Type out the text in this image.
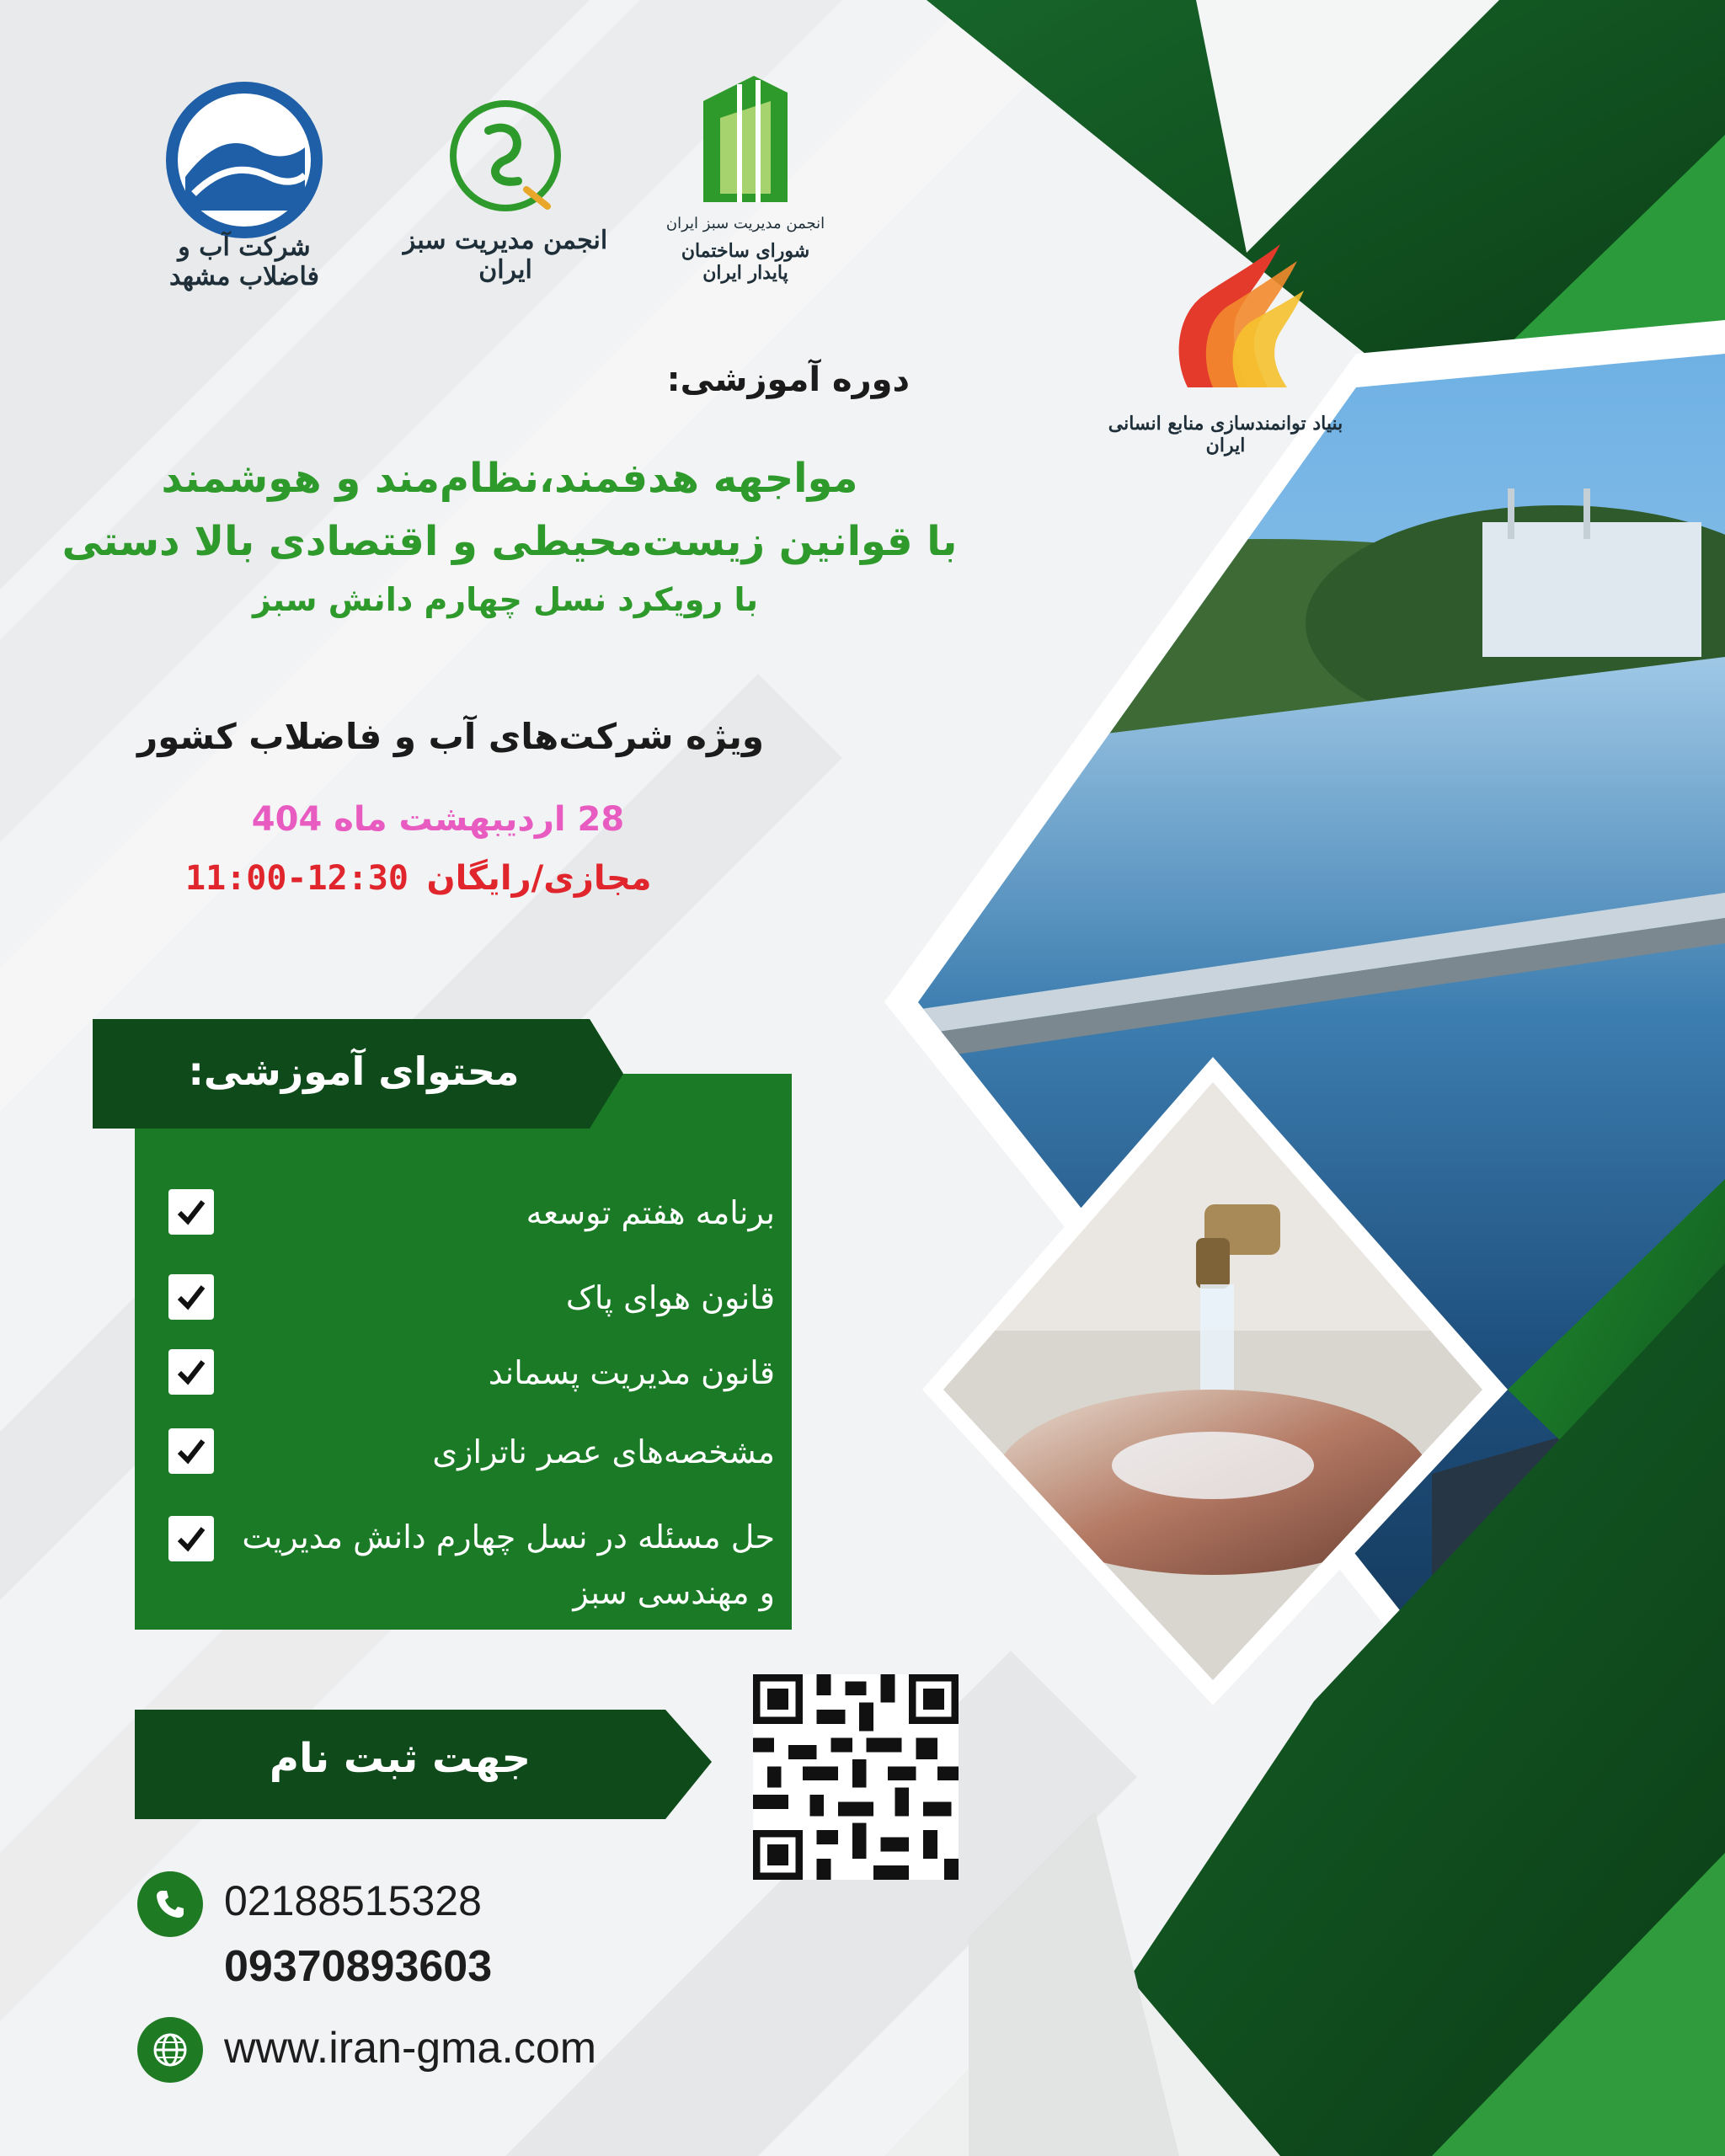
شرکت آب و فاضلاب مشهد
انجمن مدیریت سبز ایران
انجمن مدیریت سبز ایران
شورای ساختمان پایدار ایران
بنیاد توانمندسازی منابع انسانی ایران
دوره آموزشی:
مواجهه هدفمند،نظام‌مند و هوشمند
با قوانین زیست‌محیطی و اقتصادی بالا دستی
با رویکرد نسل چهارم دانش سبز
ویژه شرکت‌های آب و فاضلاب کشور
28 اردیبهشت ماه 404
مجازی/رایگان
11:00-12:30
محتوای آموزشی:
برنامه هفتم توسعه
قانون هوای پاک
قانون مدیریت پسماند
مشخصه‌های عصر ناترازی
حل مسئله در نسل چهارم دانش مدیریت و مهندسی سبز
جهت ثبت نام
02188515328
09370893603
www.iran-gma.com
